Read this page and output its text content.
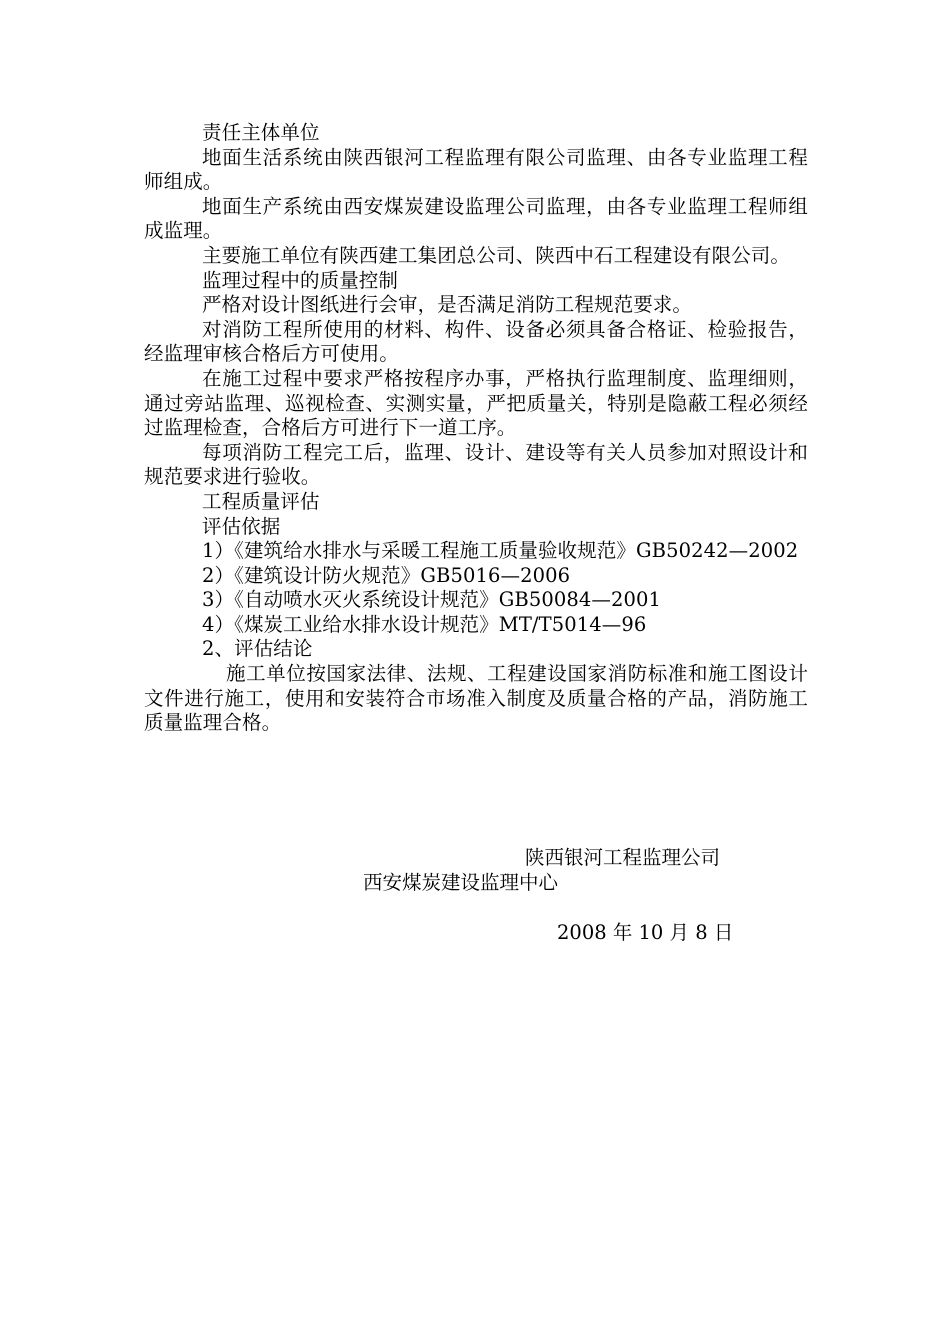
责任主体单位

地面生活系统由陕西银河工程监理有限公司监理、由各专业监理工程师组成。

地面生产系统由西安煤炭建设监理公司监理，由各专业监理工程师组成监理。

主要施工单位有陕西建工集团总公司、陕西中石工程建设有限公司。

监理过程中的质量控制

严格对设计图纸进行会审，是否满足消防工程规范要求。

对消防工程所使用的材料、构件、设备必须具备合格证、检验报告，经监理审核合格后方可使用。

在施工过程中要求严格按程序办事，严格执行监理制度、监理细则，通过旁站监理、巡视检查、实测实量，严把质量关，特别是隐蔽工程必须经过监理检查，合格后方可进行下一道工序。

每项消防工程完工后，监理、设计、建设等有关人员参加对照设计和规范要求进行验收。

工程质量评估

评估依据

1）《建筑给水排水与采暖工程施工质量验收规范》GB50242—2002

2）《建筑设计防火规范》GB5016—2006

3）《自动喷水灭火系统设计规范》GB50084—2001

4）《煤炭工业给水排水设计规范》MT/T5014—96

2、评估结论

施工单位按国家法律、法规、工程建设国家消防标准和施工图设计文件进行施工，使用和安装符合市场准入制度及质量合格的产品，消防施工质量监理合格。

陕西银河工程监理公司
西安煤炭建设监理中心
2008 年 10 月 8 日
